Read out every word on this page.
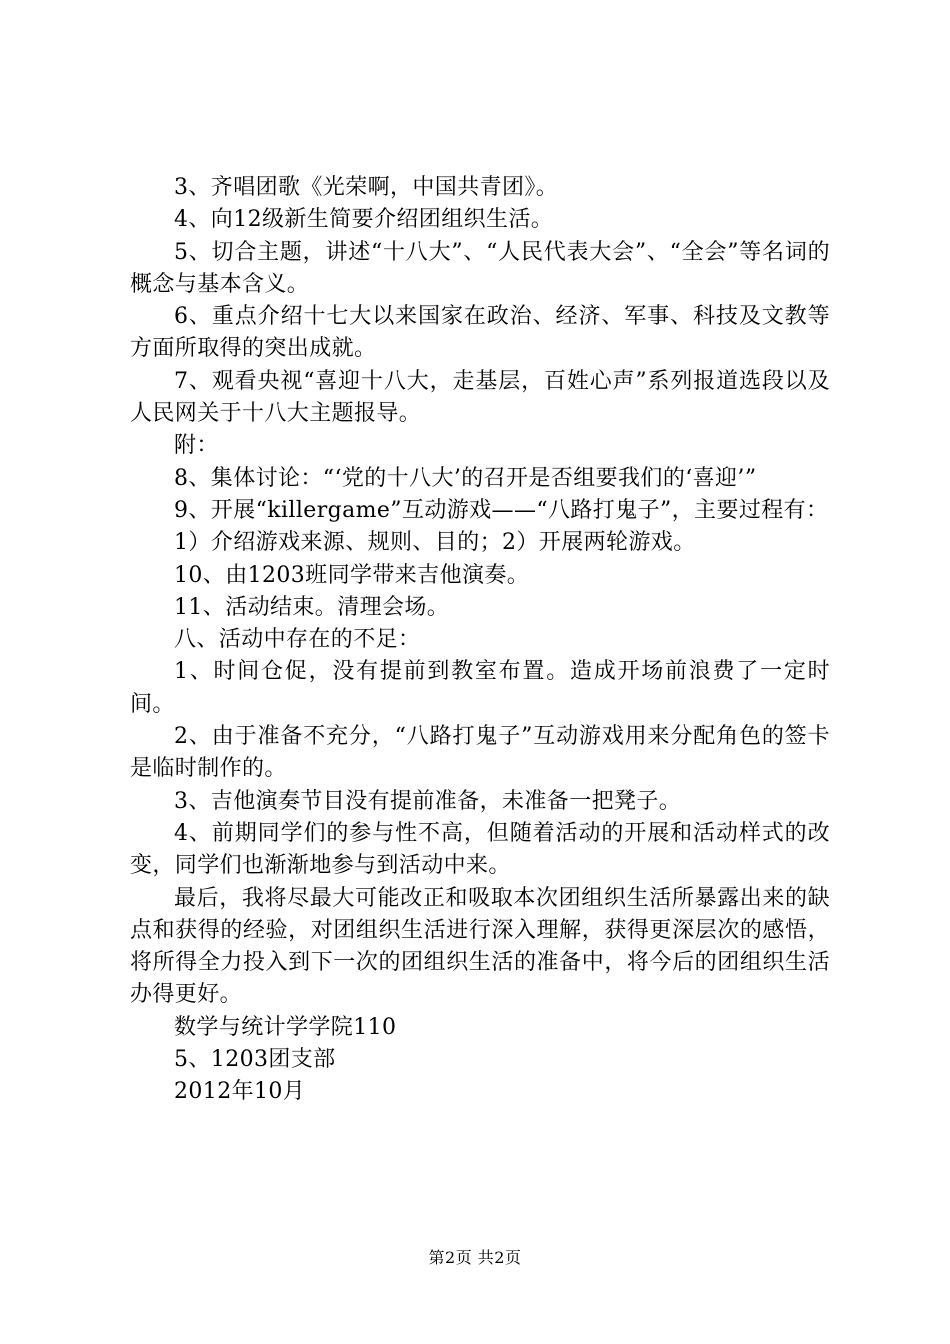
3、齐唱团歌《光荣啊，中国共青团》。

4、向12级新生简要介绍团组织生活。

5、切合主题，讲述“十八大”、“人民代表大会”、“全会”等名词的概念与基本含义。

6、重点介绍十七大以来国家在政治、经济、军事、科技及文教等方面所取得的突出成就。

7、观看央视“喜迎十八大，走基层，百姓心声”系列报道选段以及人民网关于十八大主题报导。

附：

8、集体讨论：“‘党的十八大’的召开是否组要我们的‘喜迎’”

9、开展“killergame”互动游戏——“八路打鬼子”，主要过程有：

1）介绍游戏来源、规则、目的；2）开展两轮游戏。

10、由1203班同学带来吉他演奏。

11、活动结束。清理会场。

八、活动中存在的不足：

1、时间仓促，没有提前到教室布置。造成开场前浪费了一定时间。

2、由于准备不充分，“八路打鬼子”互动游戏用来分配角色的签卡是临时制作的。

3、吉他演奏节目没有提前准备，未准备一把凳子。

4、前期同学们的参与性不高，但随着活动的开展和活动样式的改变，同学们也渐渐地参与到活动中来。

最后，我将尽最大可能改正和吸取本次团组织生活所暴露出来的缺点和获得的经验，对团组织生活进行深入理解，获得更深层次的感悟，将所得全力投入到下一次的团组织生活的准备中，将今后的团组织生活办得更好。

数学与统计学学院110

5、1203团支部

2012年10月

第2页 共2页
